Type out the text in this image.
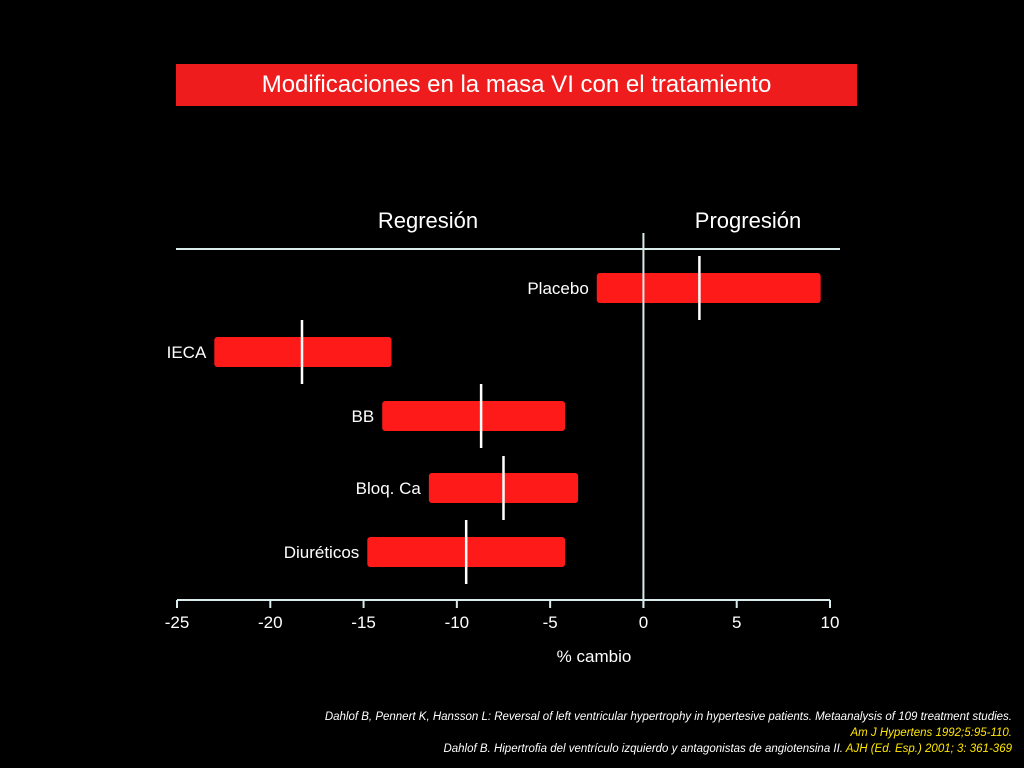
Modificaciones en la masa VI con el tratamiento
Regresión	Progresión
Placebo
IECA
BB
Bloq. Ca
Diuréticos
-25	-20	-15	-10	-5	0	5	10
% cambio
Dahlof B, Pennert K, Hansson L: Reversal of left ventricular hypertrophy in hypertesive patients. Metaanalysis of 109 treatment studies.
Am J Hypertens 1992;5:95-110.
Dahlof B. Hipertrofia del ventrículo izquierdo y antagonistas de angiotensina II. AJH (Ed. Esp.) 2001; 3: 361-369
